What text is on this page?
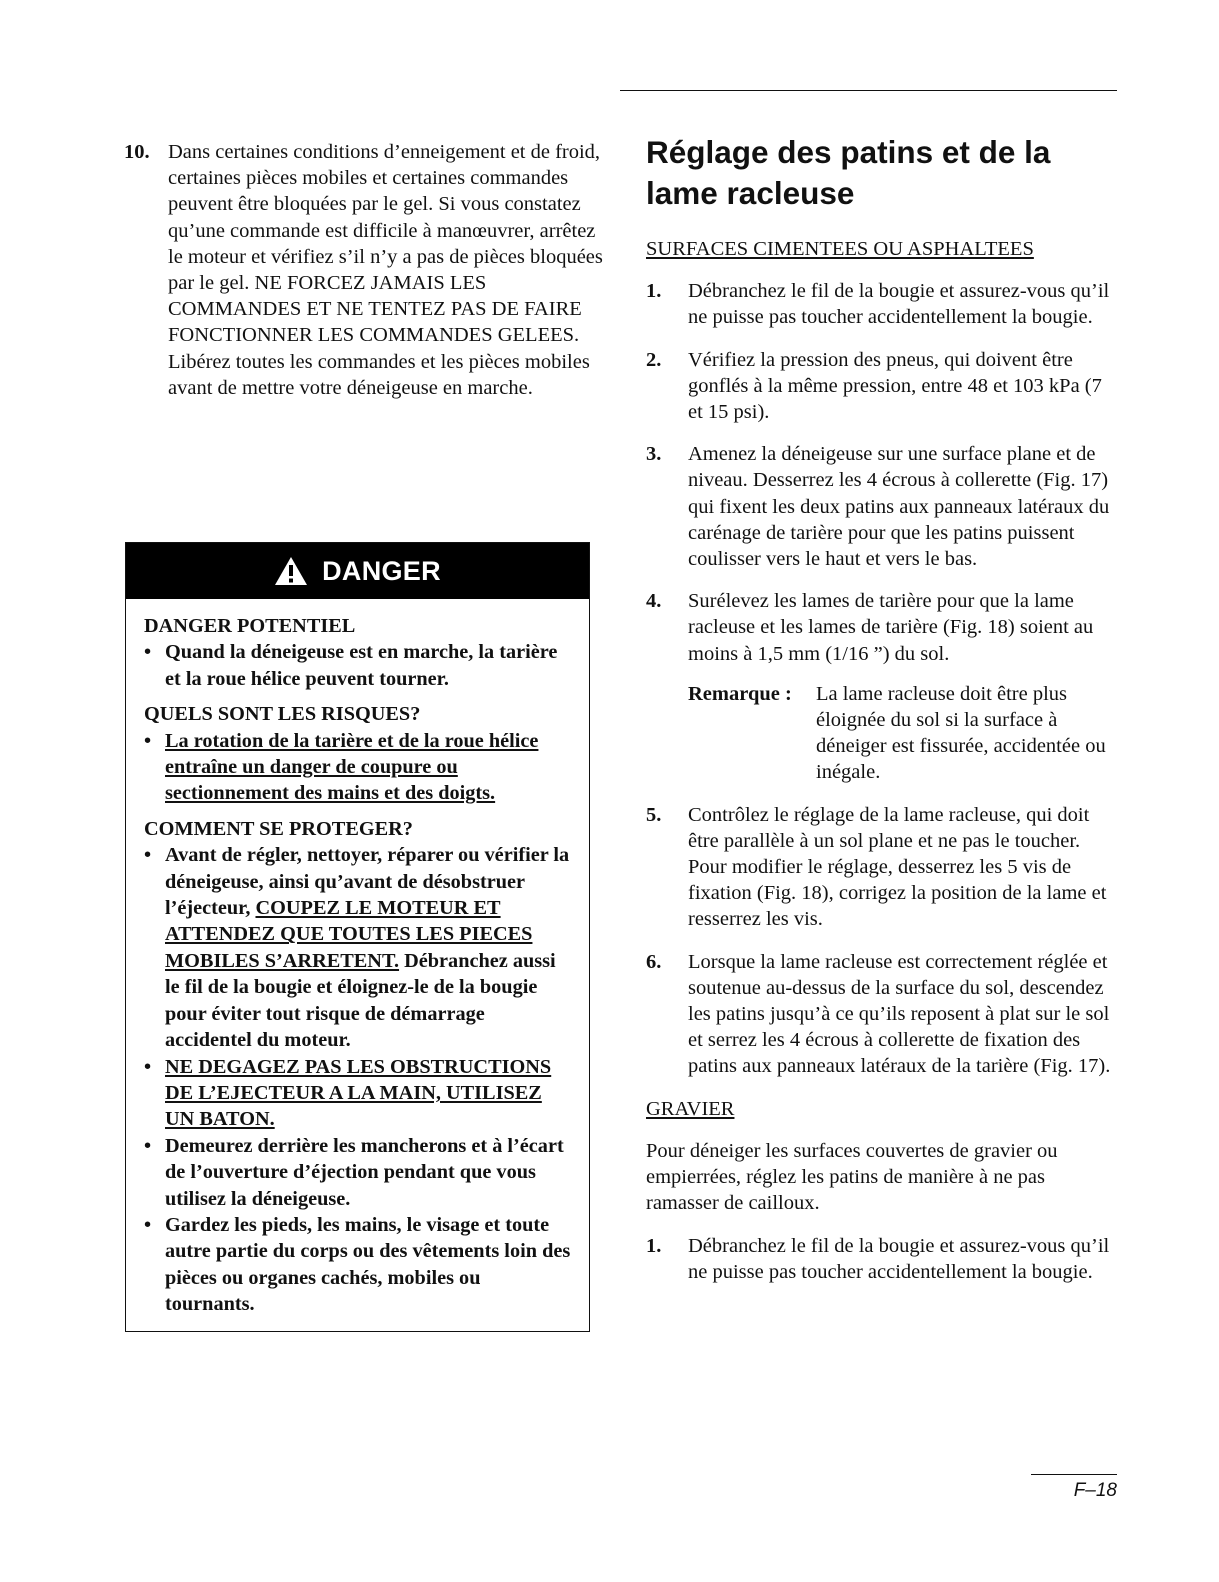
10. Dans certaines conditions d’enneigement et de froid, certaines pièces mobiles et certaines commandes peuvent être bloquées par le gel. Si vous constatez qu’une commande est difficile à manœuvrer, arrêtez le moteur et vérifiez s’il n’y a pas de pièces bloquées par le gel. NE FORCEZ JAMAIS LES COMMANDES ET NE TENTEZ PAS DE FAIRE FONCTIONNER LES COMMANDES GELEES. Libérez toutes les commandes et les pièces mobiles avant de mettre votre déneigeuse en marche.
DANGER
DANGER POTENTIEL
• Quand la déneigeuse est en marche, la tarière et la roue hélice peuvent tourner.
QUELS SONT LES RISQUES?
• La rotation de la tarière et de la roue hélice entraîne un danger de coupure ou sectionnement des mains et des doigts.
COMMENT SE PROTEGER?
• Avant de régler, nettoyer, réparer ou vérifier la déneigeuse, ainsi qu’avant de désobstruer l’éjecteur, COUPEZ LE MOTEUR ET ATTENDEZ QUE TOUTES LES PIECES MOBILES S’ARRETENT. Débranchez aussi le fil de la bougie et éloignez-le de la bougie pour éviter tout risque de démarrage accidentel du moteur.
• NE DEGAGEZ PAS LES OBSTRUCTIONS DE L’EJECTEUR A LA MAIN, UTILISEZ UN BATON.
• Demeurez derrière les mancherons et à l’écart de l’ouverture d’éjection pendant que vous utilisez la déneigeuse.
• Gardez les pieds, les mains, le visage et toute autre partie du corps ou des vêtements loin des pièces ou organes cachés, mobiles ou tournants.
Réglage des patins et de la lame racleuse
SURFACES CIMENTEES OU ASPHALTEES
1. Débranchez le fil de la bougie et assurez-vous qu’il ne puisse pas toucher accidentellement la bougie.
2. Vérifiez la pression des pneus, qui doivent être gonflés à la même pression, entre 48 et 103 kPa (7 et 15 psi).
3. Amenez la déneigeuse sur une surface plane et de niveau. Desserrez les 4 écrous à collerette (Fig. 17) qui fixent les deux patins aux panneaux latéraux du carénage de tarière pour que les patins puissent coulisser vers le haut et vers le bas.
4. Surélevez les lames de tarière pour que la lame racleuse et les lames de tarière (Fig. 18) soient au moins à 1,5 mm (1/16 ”) du sol.
Remarque : La lame racleuse doit être plus éloignée du sol si la surface à déneiger est fissurée, accidentée ou inégale.
5. Contrôlez le réglage de la lame racleuse, qui doit être parallèle à un sol plane et ne pas le toucher. Pour modifier le réglage, desserrez les 5 vis de fixation (Fig. 18), corrigez la position de la lame et resserrez les vis.
6. Lorsque la lame racleuse est correctement réglée et soutenue au-dessus de la surface du sol, descendez les patins jusqu’à ce qu’ils reposent à plat sur le sol et serrez les 4 écrous à collerette de fixation des patins aux panneaux latéraux de la tarière (Fig. 17).
GRAVIER
Pour déneiger les surfaces couvertes de gravier ou empierrées, réglez les patins de manière à ne pas ramasser de cailloux.
1. Débranchez le fil de la bougie et assurez-vous qu’il ne puisse pas toucher accidentellement la bougie.
F–18
